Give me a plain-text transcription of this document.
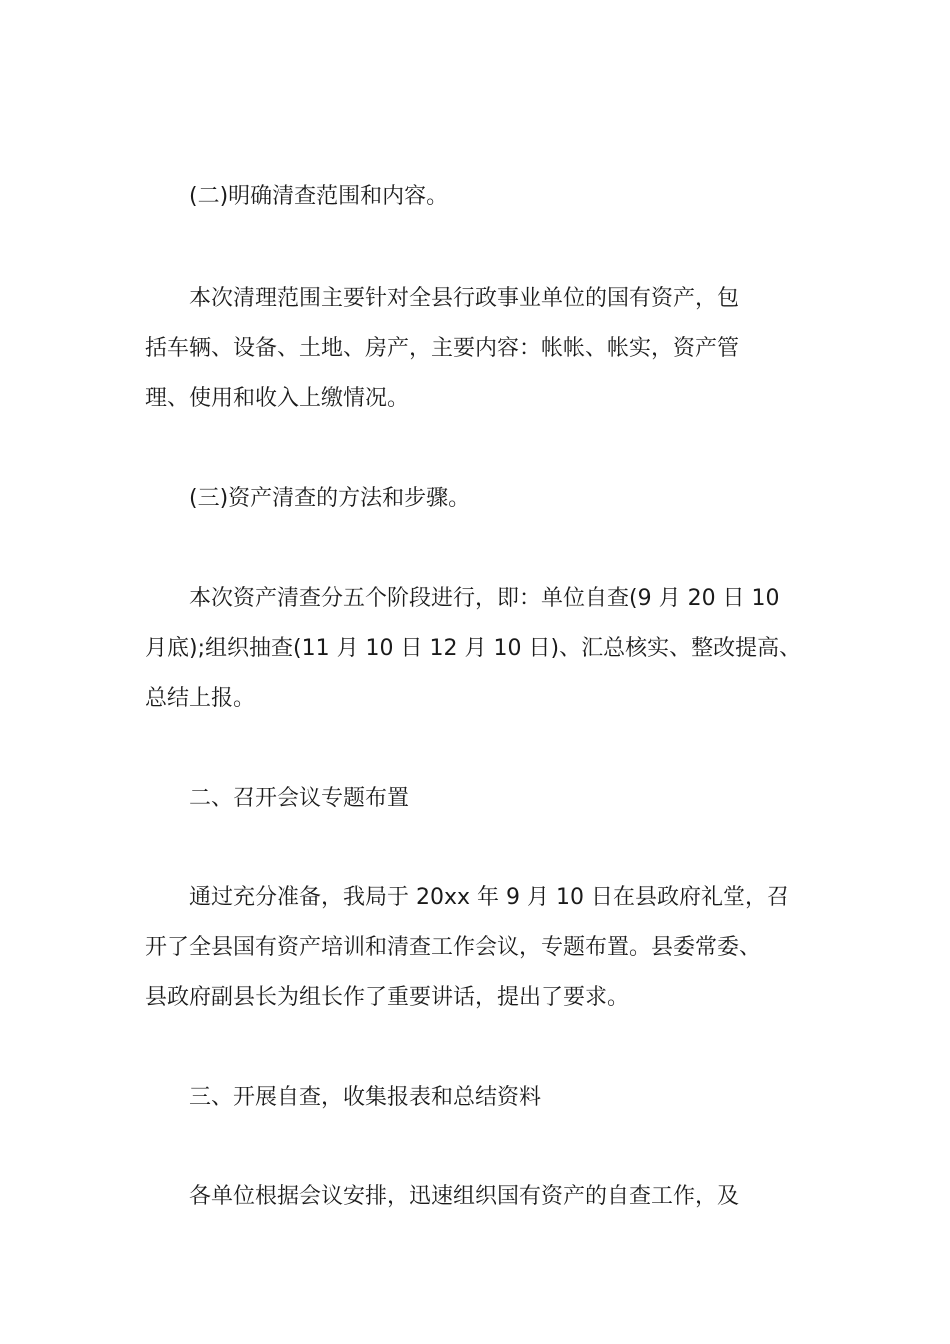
(二)明确清查范围和内容。
本次清理范围主要针对全县行政事业单位的国有资产，包
括车辆、设备、土地、房产，主要内容：帐帐、帐实，资产管
理、使用和收入上缴情况。
(三)资产清查的方法和步骤。
本次资产清查分五个阶段进行，即：单位自查(9 月 20 日 10
月底);组织抽查(11 月 10 日 12 月 10 日)、汇总核实、整改提高、
总结上报。
二、召开会议专题布置
通过充分准备，我局于 20xx 年 9 月 10 日在县政府礼堂，召
开了全县国有资产培训和清查工作会议，专题布置。县委常委、
县政府副县长为组长作了重要讲话，提出了要求。
三、开展自查，收集报表和总结资料
各单位根据会议安排，迅速组织国有资产的自查工作，及
